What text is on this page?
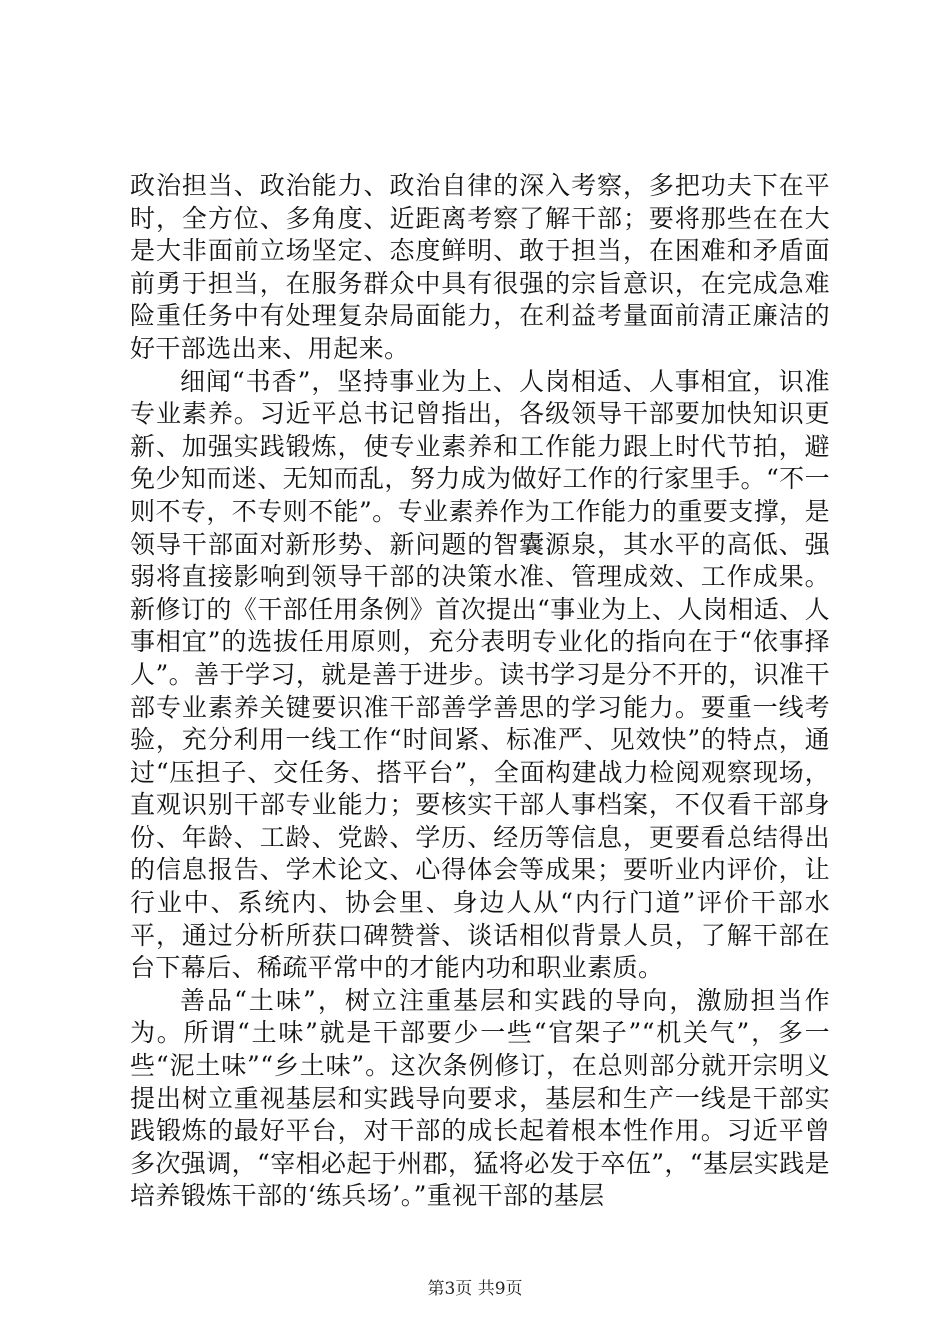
政治担当、政治能力、政治自律的深入考察，多把功夫下在平时，全方位、多角度、近距离考察了解干部；要将那些在在大是大非面前立场坚定、态度鲜明、敢于担当，在困难和矛盾面前勇于担当，在服务群众中具有很强的宗旨意识，在完成急难险重任务中有处理复杂局面能力，在利益考量面前清正廉洁的好干部选出来、用起来。

细闻“书香”，坚持事业为上、人岗相适、人事相宜，识准专业素养。习近平总书记曾指出，各级领导干部要加快知识更新、加强实践锻炼，使专业素养和工作能力跟上时代节拍，避免少知而迷、无知而乱，努力成为做好工作的行家里手。“不一则不专，不专则不能”。专业素养作为工作能力的重要支撑，是领导干部面对新形势、新问题的智囊源泉，其水平的高低、强弱将直接影响到领导干部的决策水准、管理成效、工作成果。新修订的《干部任用条例》首次提出“事业为上、人岗相适、人事相宜”的选拔任用原则，充分表明专业化的指向在于“依事择人”。善于学习，就是善于进步。读书学习是分不开的，识准干部专业素养关键要识准干部善学善思的学习能力。要重一线考验，充分利用一线工作“时间紧、标准严、见效快”的特点，通过“压担子、交任务、搭平台”，全面构建战力检阅观察现场，直观识别干部专业能力；要核实干部人事档案，不仅看干部身份、年龄、工龄、党龄、学历、经历等信息，更要看总结得出的信息报告、学术论文、心得体会等成果；要听业内评价，让行业中、系统内、协会里、身边人从“内行门道”评价干部水平，通过分析所获口碑赞誉、谈话相似背景人员，了解干部在台下幕后、稀疏平常中的才能内功和职业素质。

善品“土味”，树立注重基层和实践的导向，激励担当作为。所谓“土味”就是干部要少一些“官架子”“机关气”，多一些“泥土味”“乡土味”。这次条例修订，在总则部分就开宗明义提出树立重视基层和实践导向要求，基层和生产一线是干部实践锻炼的最好平台，对干部的成长起着根本性作用。习近平曾多次强调，“宰相必起于州郡，猛将必发于卒伍”，“基层实践是培养锻炼干部的‘练兵场’。”重视干部的基层

第3页 共9页
